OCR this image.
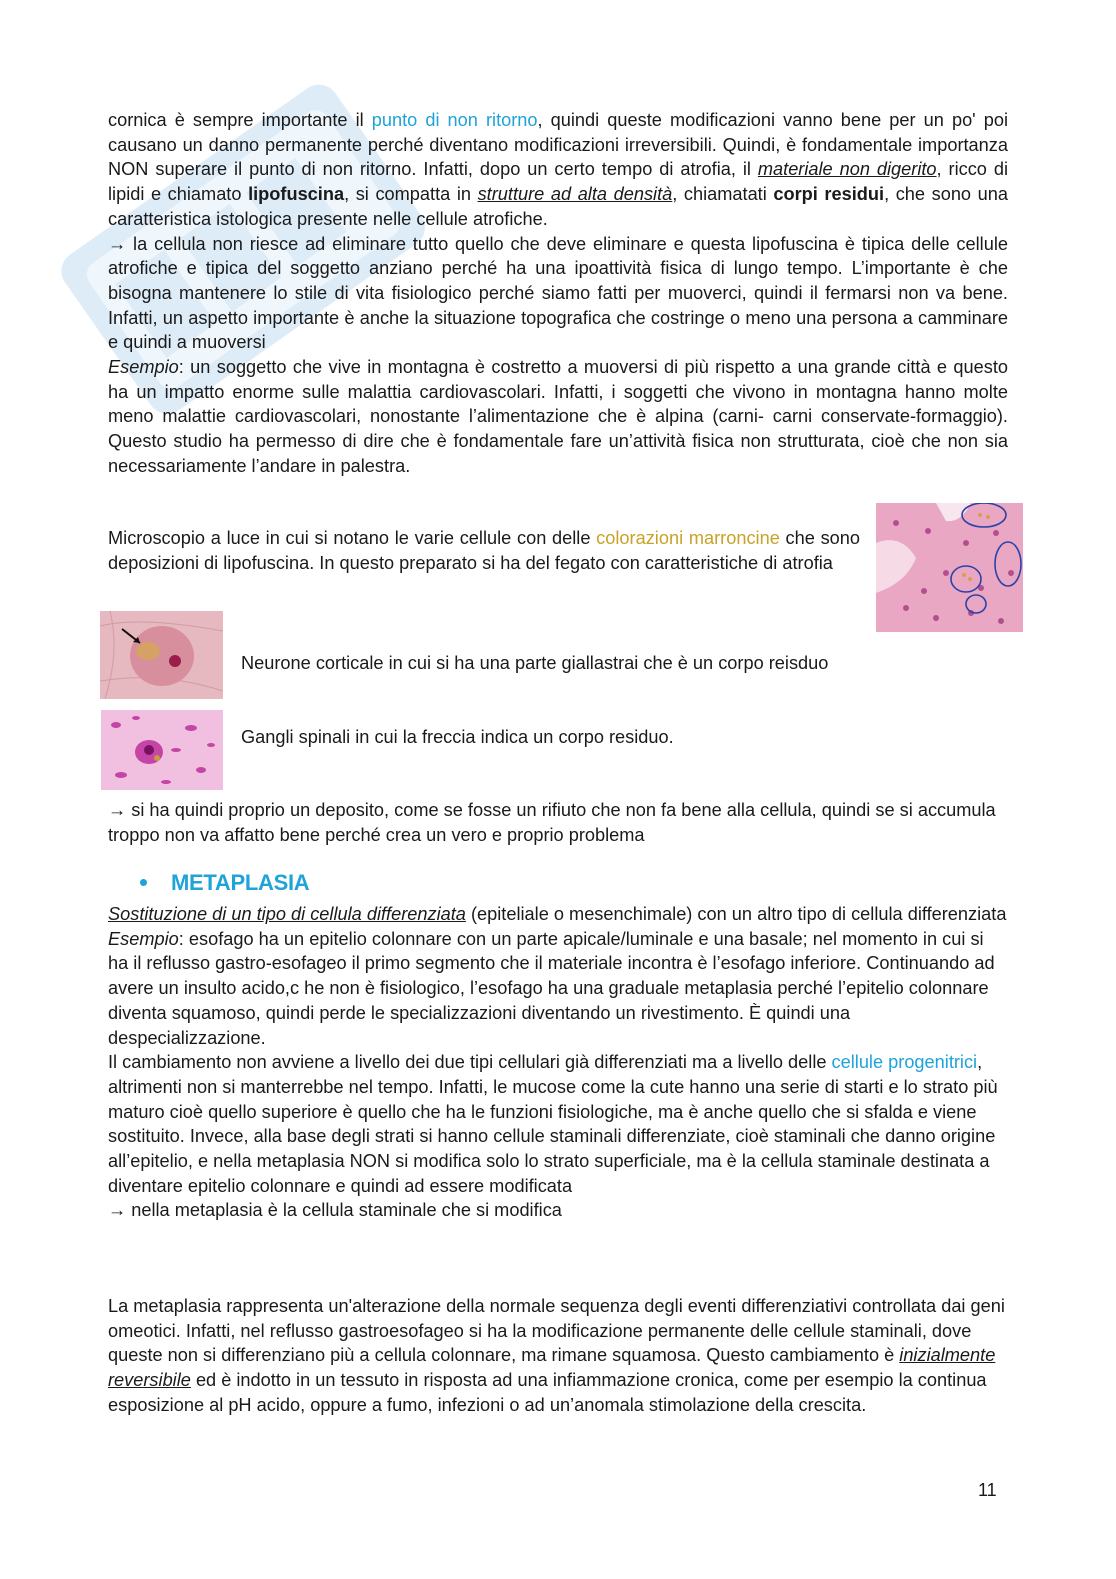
cornica è sempre importante il punto di non ritorno, quindi queste modificazioni vanno bene per un po' poi causano un danno permanente perché diventano modificazioni irreversibili. Quindi, è fondamentale importanza NON superare il punto di non ritorno. Infatti, dopo un certo tempo di atrofia, il materiale non digerito, ricco di lipidi e chiamato lipofuscina, si compatta in strutture ad alta densità, chiamatati corpi residui, che sono una caratteristica istologica presente nelle cellule atrofiche.

→ la cellula non riesce ad eliminare tutto quello che deve eliminare e questa lipofuscina è tipica delle cellule atrofiche e tipica del soggetto anziano perché ha una ipoattività fisica di lungo tempo. L’importante è che bisogna mantenere lo stile di vita fisiologico perché siamo fatti per muoverci, quindi il fermarsi non va bene. Infatti, un aspetto importante è anche la situazione topografica che costringe o meno una persona a camminare e quindi a muoversi

Esempio: un soggetto che vive in montagna è costretto a muoversi di più rispetto a una grande città e questo ha un impatto enorme sulle malattia cardiovascolari. Infatti, i soggetti che vivono in montagna hanno molte meno malattie cardiovascolari, nonostante l’alimentazione che è alpina (carni- carni conservate-formaggio). Questo studio ha permesso di dire che è fondamentale fare un’attività fisica non strutturata, cioè che non sia necessariamente l’andare in palestra.

Microscopio a luce in cui si notano le varie cellule con delle colorazioni marroncine che sono deposizioni di lipofuscina. In questo preparato si ha del fegato con caratteristiche di atrofia

Neurone corticale in cui si ha una parte giallastrai che è un corpo reisduo
Gangli spinali in cui la freccia indica un corpo residuo.

→ si ha quindi proprio un deposito, come se fosse un rifiuto che non fa bene alla cellula, quindi se si accumula troppo non va affatto bene perché crea un vero e proprio problema

METAPLASIA

Sostituzione di un tipo di cellula differenziata (epiteliale o mesenchimale) con un altro tipo di cellula differenziata

Esempio: esofago ha un epitelio colonnare con un parte apicale/luminale e una basale; nel momento in cui si ha il reflusso gastro-esofageo il primo segmento che il materiale incontra è l’esofago inferiore. Continuando ad avere un insulto acido,c he non è fisiologico, l’esofago ha una graduale metaplasia perché l’epitelio colonnare diventa squamoso, quindi perde le specializzazioni diventando un rivestimento. È quindi una despecializzazione.

Il cambiamento non avviene a livello dei due tipi cellulari già differenziati ma a livello delle cellule progenitrici, altrimenti non si manterrebbe nel tempo. Infatti, le mucose come la cute hanno una serie di starti e lo strato più maturo cioè quello superiore è quello che ha le funzioni fisiologiche, ma è anche quello che si sfalda e viene sostituito. Invece, alla base degli strati si hanno cellule staminali differenziate, cioè staminali che danno origine all’epitelio, e nella metaplasia NON si modifica solo lo strato superficiale, ma è la cellula staminale destinata a diventare epitelio colonnare e quindi ad essere modificata

→ nella metaplasia è la cellula staminale che si modifica

La metaplasia rappresenta un'alterazione della normale sequenza degli eventi differenziativi controllata dai geni omeotici. Infatti, nel reflusso gastroesofageo si ha la modificazione permanente delle cellule staminali, dove queste non si differenziano più a cellula colonnare, ma rimane squamosa. Questo cambiamento è inizialmente reversibile ed è indotto in un tessuto in risposta ad una infiammazione cronica, come per esempio la continua esposizione al pH acido, oppure a fumo, infezioni o ad un’anomala stimolazione della crescita.

11
